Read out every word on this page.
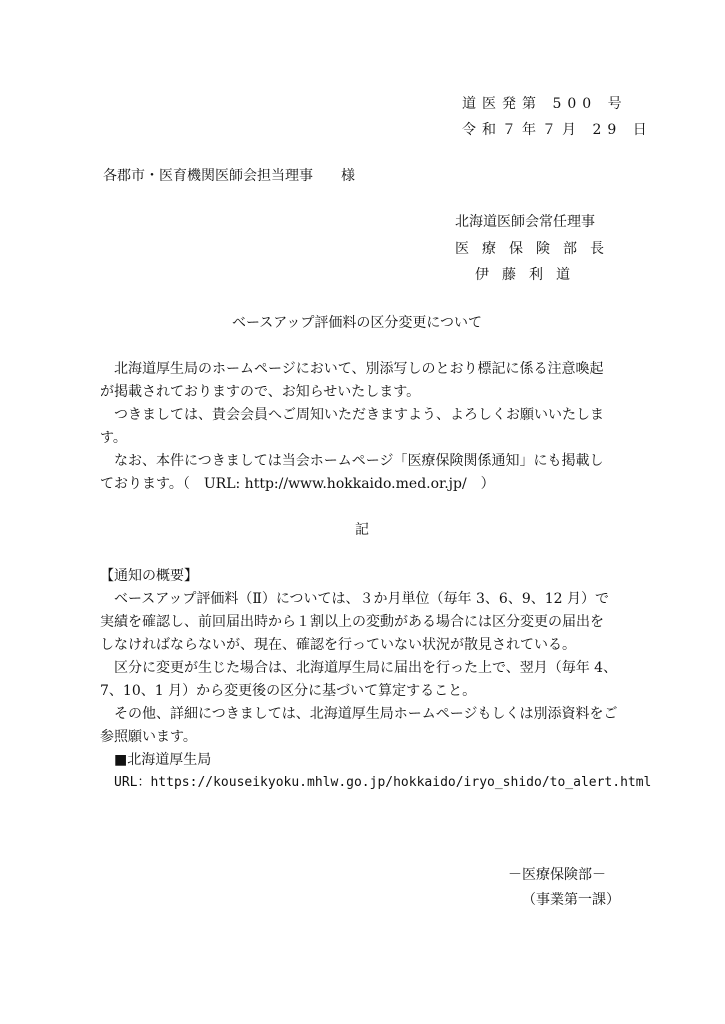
道医発第 500 号
令和７年７月 29 日
各郡市・医育機関医師会担当理事　　様
北海道医師会常任理事
医療保険部長
伊藤利道
ベースアップ評価料の区分変更について
　北海道厚生局のホームページにおいて、別添写しのとおり標記に係る注意喚起
が掲載されておりますので、お知らせいたします。
　つきましては、貴会会員へご周知いただきますよう、よろしくお願いいたしま
す。
　なお、本件につきましては当会ホームページ「医療保険関係通知」にも掲載し
ております。（　URL: http://www.hokkaido.med.or.jp/　）
記
【通知の概要】
　ベースアップ評価料（Ⅱ）については、３か月単位（毎年 3、6、9、12 月）で
実績を確認し、前回届出時から１割以上の変動がある場合には区分変更の届出を
しなければならないが、現在、確認を行っていない状況が散見されている。
　区分に変更が生じた場合は、北海道厚生局に届出を行った上で、翌月（毎年 4、
7、10、1 月）から変更後の区分に基づいて算定すること。
　その他、詳細につきましては、北海道厚生局ホームページもしくは別添資料をご
参照願います。
■北海道厚生局
URL：https://kouseikyoku.mhlw.go.jp/hokkaido/iryo_shido/to_alert.html
－医療保険部－
（事業第一課）
